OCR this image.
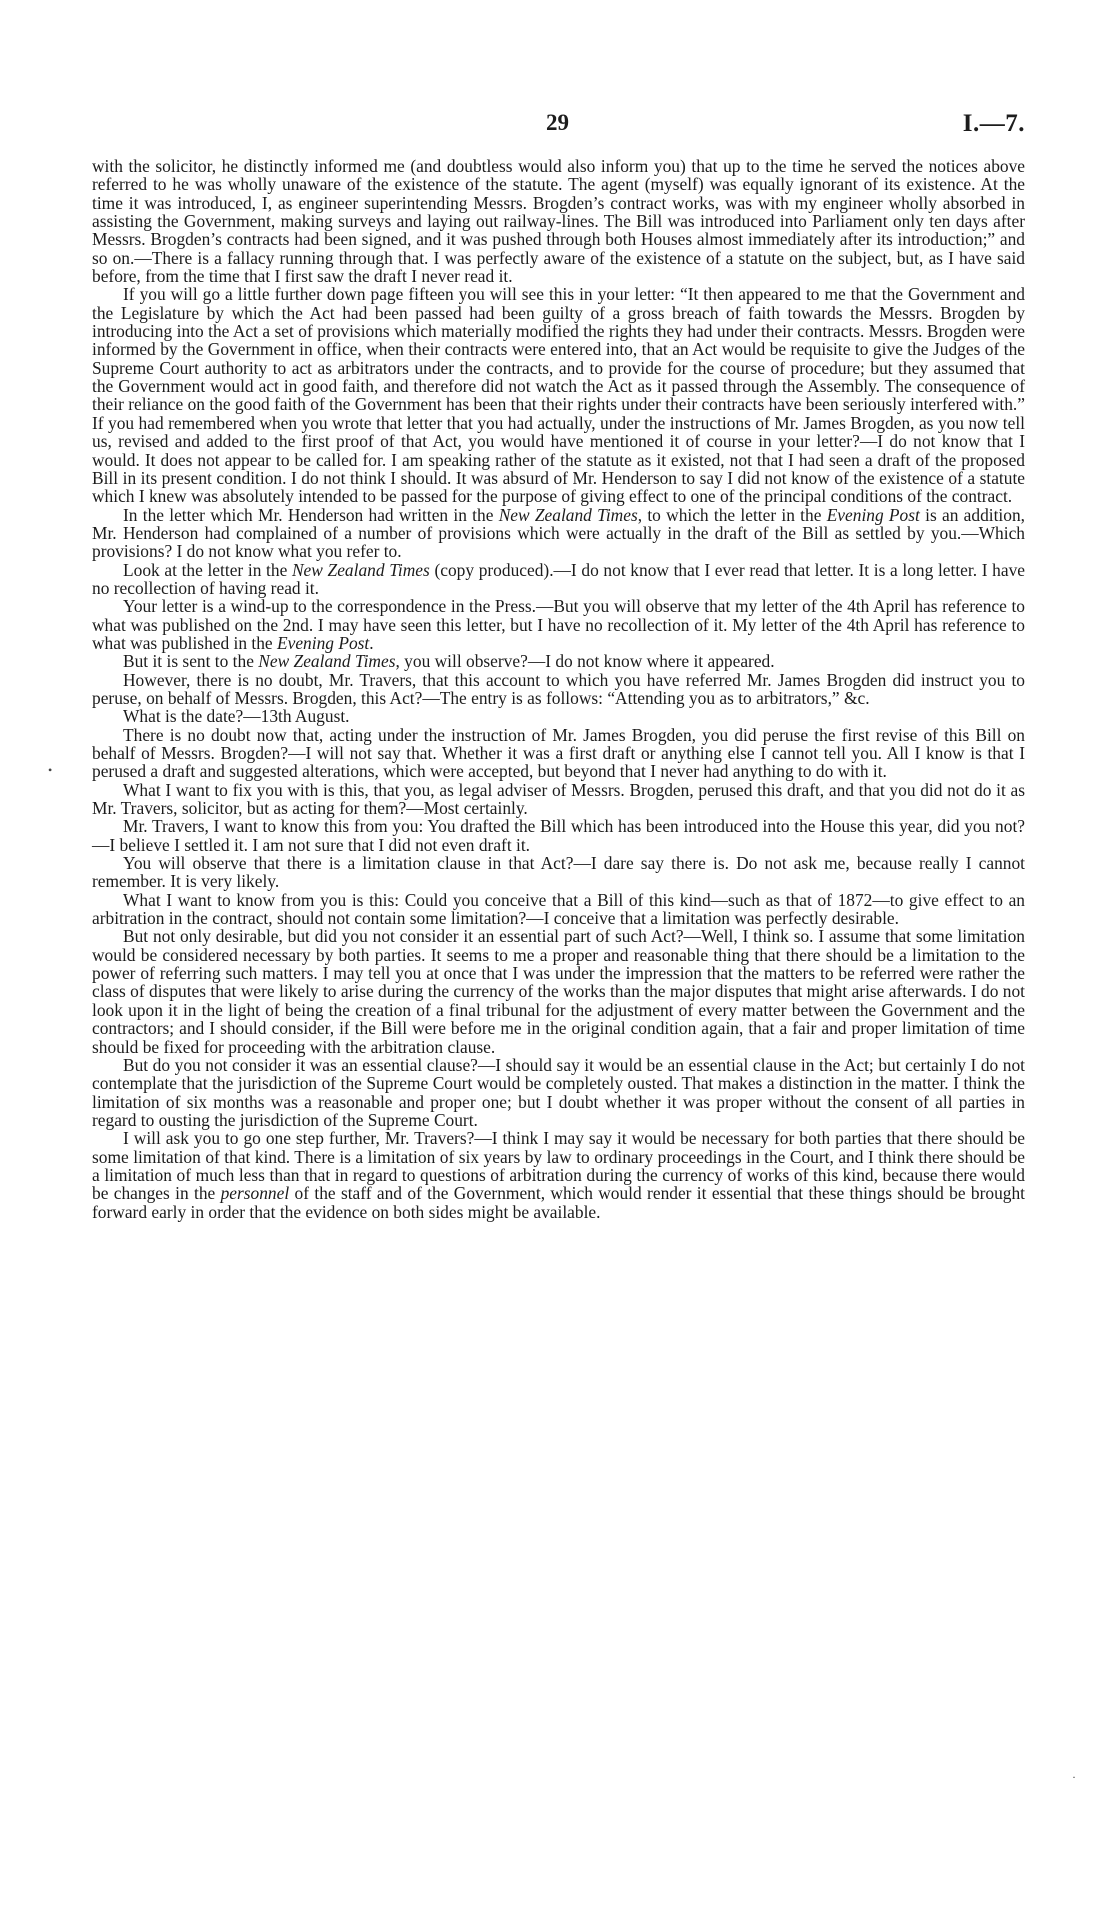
29	I.—7.

with the solicitor, he distinctly informed me (and doubtless would also inform you) that up to the time he served the notices above referred to he was wholly unaware of the existence of the statute. The agent (myself) was equally ignorant of its existence. At the time it was introduced, I, as engineer superintending Messrs. Brogden’s contract works, was with my engineer wholly absorbed in assisting the Government, making surveys and laying out railway-lines. The Bill was introduced into Parliament only ten days after Messrs. Brogden’s contracts had been signed, and it was pushed through both Houses almost immediately after its introduction;” and so on.—There is a fallacy running through that. I was perfectly aware of the existence of a statute on the subject, but, as I have said before, from the time that I first saw the draft I never read it.

If you will go a little further down page fifteen you will see this in your letter: “It then appeared to me that the Government and the Legislature by which the Act had been passed had been guilty of a gross breach of faith towards the Messrs. Brogden by introducing into the Act a set of provisions which materially modified the rights they had under their contracts. Messrs. Brogden were informed by the Government in office, when their contracts were entered into, that an Act would be requisite to give the Judges of the Supreme Court authority to act as arbitrators under the contracts, and to provide for the course of procedure; but they assumed that the Government would act in good faith, and therefore did not watch the Act as it passed through the Assembly. The consequence of their reliance on the good faith of the Government has been that their rights under their contracts have been seriously interfered with.” If you had remembered when you wrote that letter that you had actually, under the instructions of Mr. James Brogden, as you now tell us, revised and added to the first proof of that Act, you would have mentioned it of course in your letter?—I do not know that I would. It does not appear to be called for. I am speaking rather of the statute as it existed, not that I had seen a draft of the proposed Bill in its present condition. I do not think I should. It was absurd of Mr. Henderson to say I did not know of the existence of a statute which I knew was absolutely intended to be passed for the purpose of giving effect to one of the principal conditions of the contract.

In the letter which Mr. Henderson had written in the New Zealand Times, to which the letter in the Evening Post is an addition, Mr. Henderson had complained of a number of provisions which were actually in the draft of the Bill as settled by you.—Which provisions? I do not know what you refer to.

Look at the letter in the New Zealand Times (copy produced).—I do not know that I ever read that letter. It is a long letter. I have no recollection of having read it.

Your letter is a wind-up to the correspondence in the Press.—But you will observe that my letter of the 4th April has reference to what was published on the 2nd. I may have seen this letter, but I have no recollection of it. My letter of the 4th April has reference to what was published in the Evening Post.

But it is sent to the New Zealand Times, you will observe?—I do not know where it appeared.

However, there is no doubt, Mr. Travers, that this account to which you have referred Mr. James Brogden did instruct you to peruse, on behalf of Messrs. Brogden, this Act?—The entry is as follows: “Attending you as to arbitrators,” &c.

What is the date?—13th August.

There is no doubt now that, acting under the instruction of Mr. James Brogden, you did peruse the first revise of this Bill on behalf of Messrs. Brogden?—I will not say that. Whether it was a first draft or anything else I cannot tell you. All I know is that I perused a draft and suggested alterations, which were accepted, but beyond that I never had anything to do with it.

What I want to fix you with is this, that you, as legal adviser of Messrs. Brogden, perused this draft, and that you did not do it as Mr. Travers, solicitor, but as acting for them?—Most certainly.

Mr. Travers, I want to know this from you: You drafted the Bill which has been introduced into the House this year, did you not?—I believe I settled it. I am not sure that I did not even draft it.

You will observe that there is a limitation clause in that Act?—I dare say there is. Do not ask me, because really I cannot remember. It is very likely.

What I want to know from you is this: Could you conceive that a Bill of this kind—such as that of 1872—to give effect to an arbitration in the contract, should not contain some limitation?—I conceive that a limitation was perfectly desirable.

But not only desirable, but did you not consider it an essential part of such Act?—Well, I think so. I assume that some limitation would be considered necessary by both parties. It seems to me a proper and reasonable thing that there should be a limitation to the power of referring such matters. I may tell you at once that I was under the impression that the matters to be referred were rather the class of disputes that were likely to arise during the currency of the works than the major disputes that might arise afterwards. I do not look upon it in the light of being the creation of a final tribunal for the adjustment of every matter between the Government and the contractors; and I should consider, if the Bill were before me in the original condition again, that a fair and proper limitation of time should be fixed for proceeding with the arbitration clause.

But do you not consider it was an essential clause?—I should say it would be an essential clause in the Act; but certainly I do not contemplate that the jurisdiction of the Supreme Court would be completely ousted. That makes a distinction in the matter. I think the limitation of six months was a reasonable and proper one; but I doubt whether it was proper without the consent of all parties in regard to ousting the jurisdiction of the Supreme Court.

I will ask you to go one step further, Mr. Travers?—I think I may say it would be necessary for both parties that there should be some limitation of that kind. There is a limitation of six years by law to ordinary proceedings in the Court, and I think there should be a limitation of much less than that in regard to questions of arbitration during the currency of works of this kind, because there would be changes in the personnel of the staff and of the Government, which would render it essential that these things should be brought forward early in order that the evidence on both sides might be available.

•
·
